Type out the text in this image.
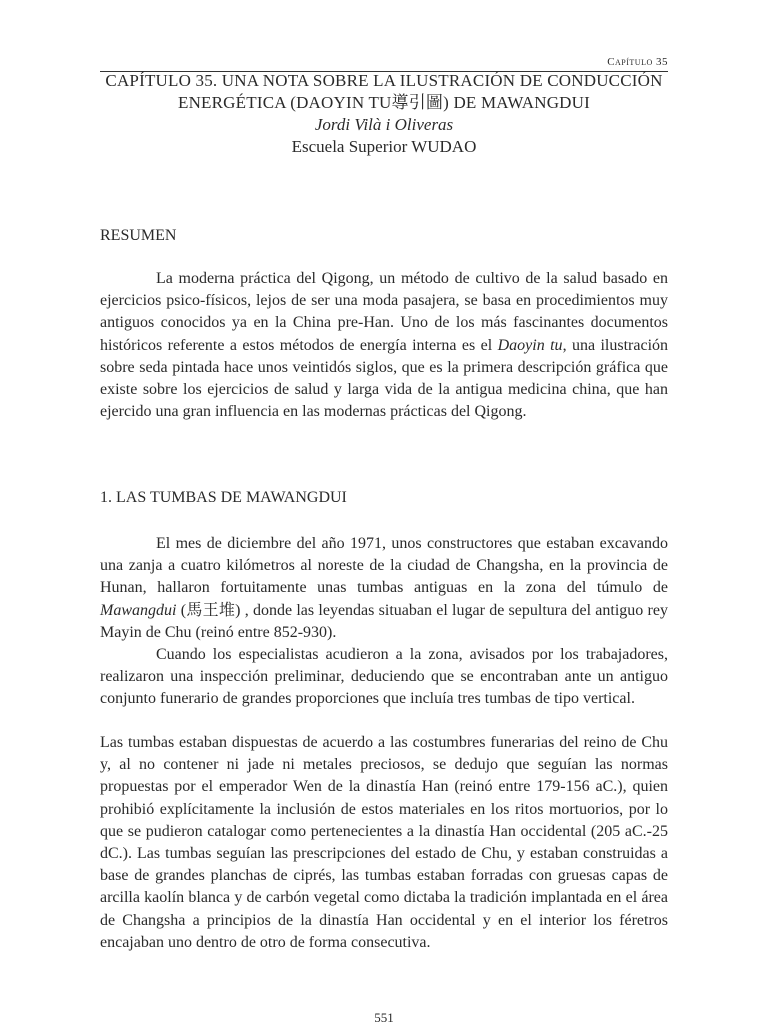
Capítulo 35
CAPÍTULO 35. UNA NOTA SOBRE LA ILUSTRACIÓN DE CONDUCCIÓN ENERGÉTICA (DAOYIN TU導引圖) DE MAWANGDUI
Jordi Vilà i Oliveras
Escuela Superior WUDAO
RESUMEN

La moderna práctica del Qigong, un método de cultivo de la salud basado en ejercicios psico-físicos, lejos de ser una moda pasajera, se basa en procedimientos muy antiguos conocidos ya en la China pre-Han. Uno de los más fascinantes documentos históricos referente a estos métodos de energía interna es el Daoyin tu, una ilustración sobre seda pintada hace unos veintidós siglos, que es la primera descripción gráfica que existe sobre los ejercicios de salud y larga vida de la antigua medicina china, que han ejercido una gran influencia en las modernas prácticas del Qigong.

1. LAS TUMBAS DE MAWANGDUI

El mes de diciembre del año 1971, unos constructores que estaban excavando una zanja a cuatro kilómetros al noreste de la ciudad de Changsha, en la provincia de Hunan, hallaron fortuitamente unas tumbas antiguas en la zona del túmulo de Mawangdui (馬王堆) , donde las leyendas situaban el lugar de sepultura del antiguo rey Mayin de Chu (reinó entre 852-930).

Cuando los especialistas acudieron a la zona, avisados por los trabajadores, realizaron una inspección preliminar, deduciendo que se encontraban ante un antiguo conjunto funerario de grandes proporciones que incluía tres tumbas de tipo vertical.

Las tumbas estaban dispuestas de acuerdo a las costumbres funerarias del reino de Chu y, al no contener ni jade ni metales preciosos, se dedujo que seguían las normas propuestas por el emperador Wen de la dinastía Han (reinó entre 179-156 aC.), quien prohibió explícitamente la inclusión de estos materiales en los ritos mortuorios, por lo que se pudieron catalogar como pertenecientes a la dinastía Han occidental (205 aC.-25 dC.). Las tumbas seguían las prescripciones del estado de Chu, y estaban construidas a base de grandes planchas de ciprés, las tumbas estaban forradas con gruesas capas de arcilla kaolín blanca y de carbón vegetal como dictaba la tradición implantada en el área de Changsha a principios de la dinastía Han occidental y en el interior los féretros encajaban uno dentro de otro de forma consecutiva.

551
